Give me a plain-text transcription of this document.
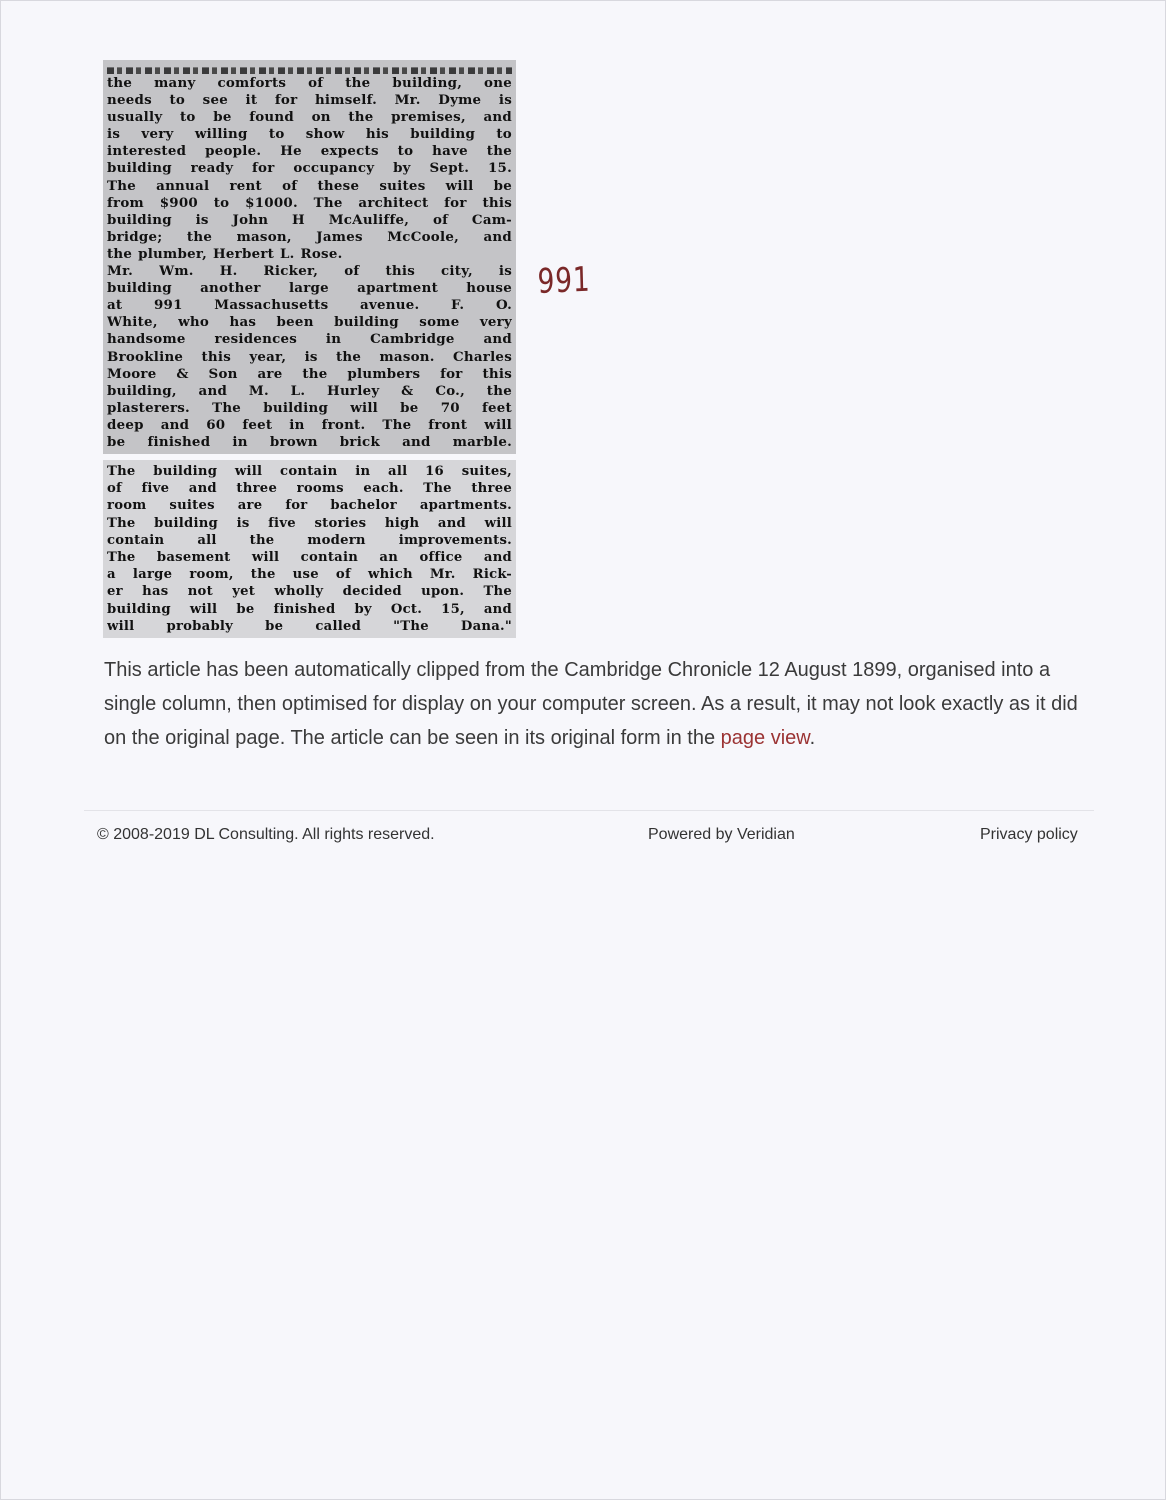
the many comforts of the building, one
needs to see it for himself. Mr. Dyme is
usually to be found on the premises, and
is very willing to show his building to
interested people. He expects to have the
building ready for occupancy by Sept. 15.
The annual rent of these suites will be
from $900 to $1000. The architect for this
building is John H McAuliffe, of Cam-
bridge; the mason, James McCoole, and
the plumber, Herbert L. Rose.
Mr. Wm. H. Ricker, of this city, is
building another large apartment house
at 991 Massachusetts avenue. F. O.
White, who has been building some very
handsome residences in Cambridge and
Brookline this year, is the mason. Charles
Moore & Son are the plumbers for this
building, and M. L. Hurley & Co., the
plasterers. The building will be 70 feet
deep and 60 feet in front. The front will
be finished in brown brick and marble.
The building will contain in all 16 suites,
of five and three rooms each. The three
room suites are for bachelor apartments.
The building is five stories high and will
contain all the modern improvements.
The basement will contain an office and
a large room, the use of which Mr. Rick-
er has not yet wholly decided upon. The
building will be finished by Oct. 15, and
will probably be called "The Dana."
991
This article has been automatically clipped from the Cambridge Chronicle 12 August 1899, organised into a single column, then optimised for display on your computer screen. As a result, it may not look exactly as it did on the original page. The article can be seen in its original form in the page view.
© 2008-2019 DL Consulting. All rights reserved.	Powered by Veridian	Privacy policy
